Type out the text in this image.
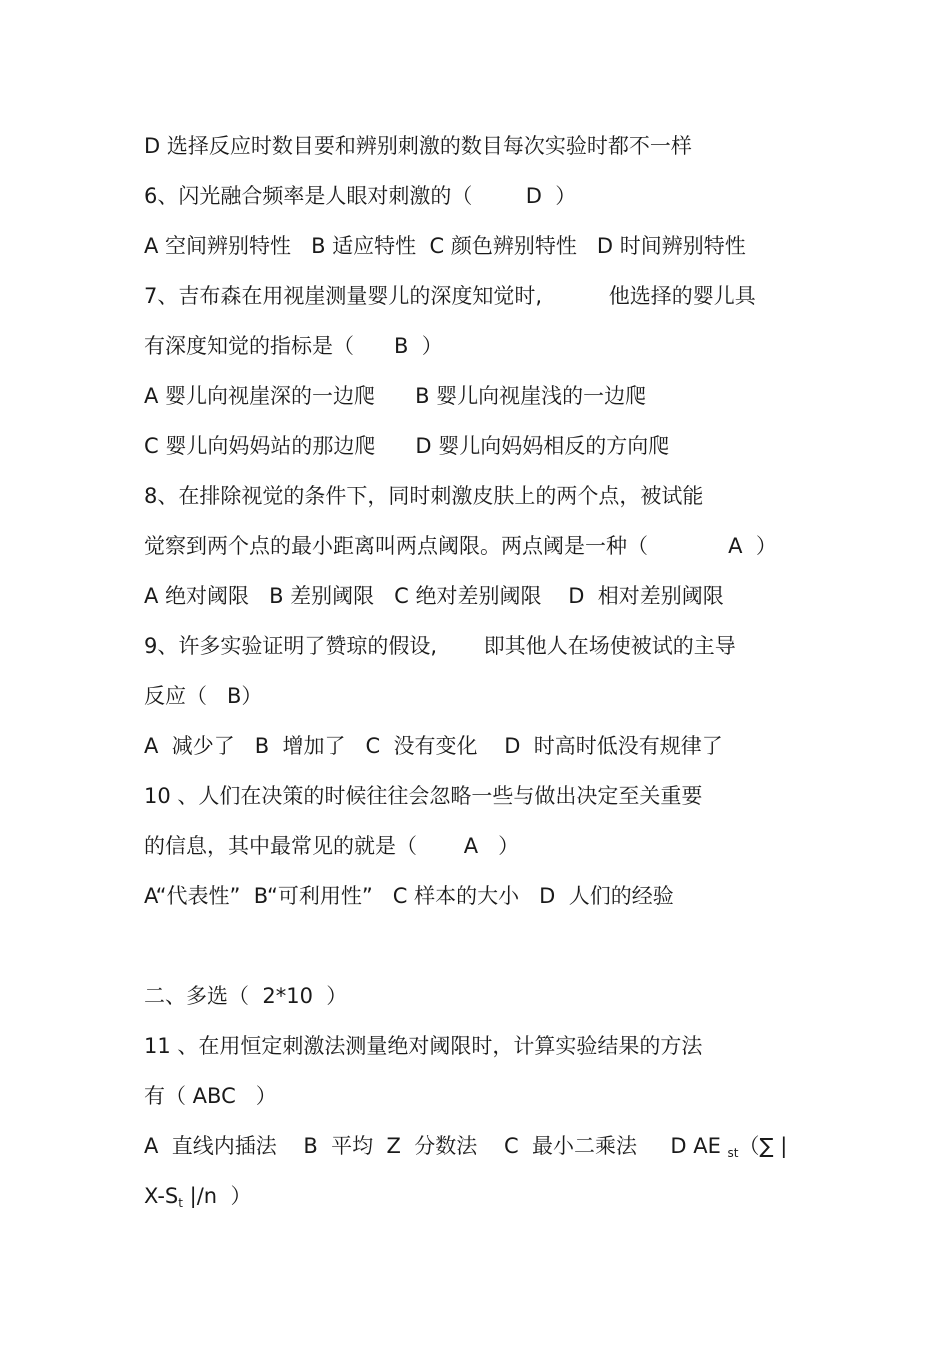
D 选择反应时数目要和辨别刺激的数目每次实验时都不一样
6、闪光融合频率是人眼对刺激的（        D  ）
A 空间辨别特性   B 适应特性  C 颜色辨别特性   D 时间辨别特性
7、吉布森在用视崖测量婴儿的深度知觉时,          他选择的婴儿具
有深度知觉的指标是（      B  ）
A 婴儿向视崖深的一边爬      B 婴儿向视崖浅的一边爬
C 婴儿向妈妈站的那边爬      D 婴儿向妈妈相反的方向爬
8、在排除视觉的条件下，同时刺激皮肤上的两个点，被试能
觉察到两个点的最小距离叫两点阈限。两点阈是一种（            A  ）
A 绝对阈限   B 差别阈限   C 绝对差别阈限    D  相对差别阈限
9、许多实验证明了赞琼的假设,       即其他人在场使被试的主导
反应（   B）
A  减少了   B  增加了   C  没有变化    D  时高时低没有规律了
10 、人们在决策的时候往往会忽略一些与做出决定至关重要
的信息，其中最常见的就是（       A   ）
A“代表性”  B“可利用性”   C 样本的大小   D  人们的经验
二、多选（  2*10  ）
11 、在用恒定刺激法测量绝对阈限时，计算实验结果的方法
有（ ABC   ）
A  直线内插法    B  平均  Z  分数法    C  最小二乘法     D AE $_{st}$（∑ |
$X-S_t$ |/n  ）
